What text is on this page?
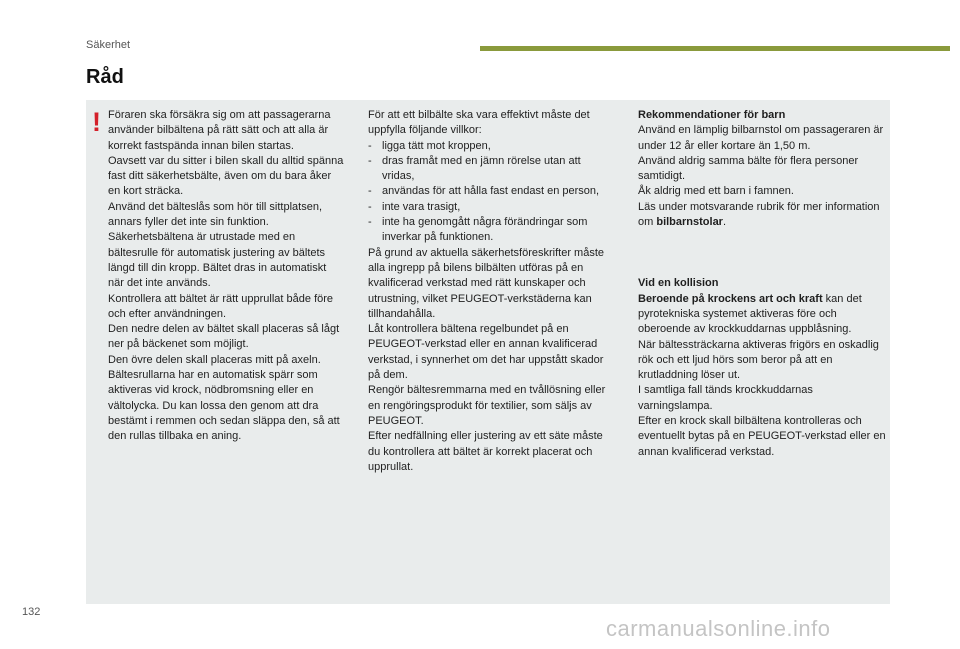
Säkerhet
Råd
! Föraren ska försäkra sig om att passagerarna använder bilbältena på rätt sätt och att alla är korrekt fastspända innan bilen startas.

Oavsett var du sitter i bilen skall du alltid spänna fast ditt säkerhetsbälte, även om du bara åker en kort sträcka.

Använd det bälteslås som hör till sittplatsen, annars fyller det inte sin funktion.

Säkerhetsbältena är utrustade med en bältesrulle för automatisk justering av bältets längd till din kropp. Bältet dras in automatiskt när det inte används.

Kontrollera att bältet är rätt upprullat både före och efter användningen.

Den nedre delen av bältet skall placeras så lågt ner på bäckenet som möjligt.

Den övre delen skall placeras mitt på axeln.

Bältesrullarna har en automatisk spärr som aktiveras vid krock, nödbromsning eller en vältolycka. Du kan lossa den genom att dra bestämt i remmen och sedan släppa den, så att den rullas tillbaka en aning.

För att ett bilbälte ska vara effektivt måste det uppfylla följande villkor:

- ligga tätt mot kroppen,

- dras framåt med en jämn rörelse utan att vridas,

- användas för att hålla fast endast en person,

- inte vara trasigt,

- inte ha genomgått några förändringar som inverkar på funktionen.

På grund av aktuella säkerhetsföreskrifter måste alla ingrepp på bilens bilbälten utföras på en kvalificerad verkstad med rätt kunskaper och utrustning, vilket PEUGEOT-verkstäderna kan tillhandahålla.

Låt kontrollera bältena regelbundet på en PEUGEOT-verkstad eller en annan kvalificerad verkstad, i synnerhet om det har uppstått skador på dem.

Rengör bältesremmarna med en tvållösning eller en rengöringsprodukt för textilier, som säljs av PEUGEOT.

Efter nedfällning eller justering av ett säte måste du kontrollera att bältet är korrekt placerat och upprullat.

Rekommendationer för barn

Använd en lämplig bilbarnstol om passageraren är under 12 år eller kortare än 1,50 m.

Använd aldrig samma bälte för flera personer samtidigt.

Åk aldrig med ett barn i famnen.

Läs under motsvarande rubrik för mer information om bilbarnstolar.

Vid en kollision

Beroende på krockens art och kraft kan det pyrotekniska systemet aktiveras före och oberoende av krockkuddarnas uppblåsning.

När bältessträckarna aktiveras frigörs en oskadlig rök och ett ljud hörs som beror på att en krutladdning löser ut.

I samtliga fall tänds krockkuddarnas varningslampa.

Efter en krock skall bilbältena kontrolleras och eventuellt bytas på en PEUGEOT-verkstad eller en annan kvalificerad verkstad.

132
carmanualsonline.info
